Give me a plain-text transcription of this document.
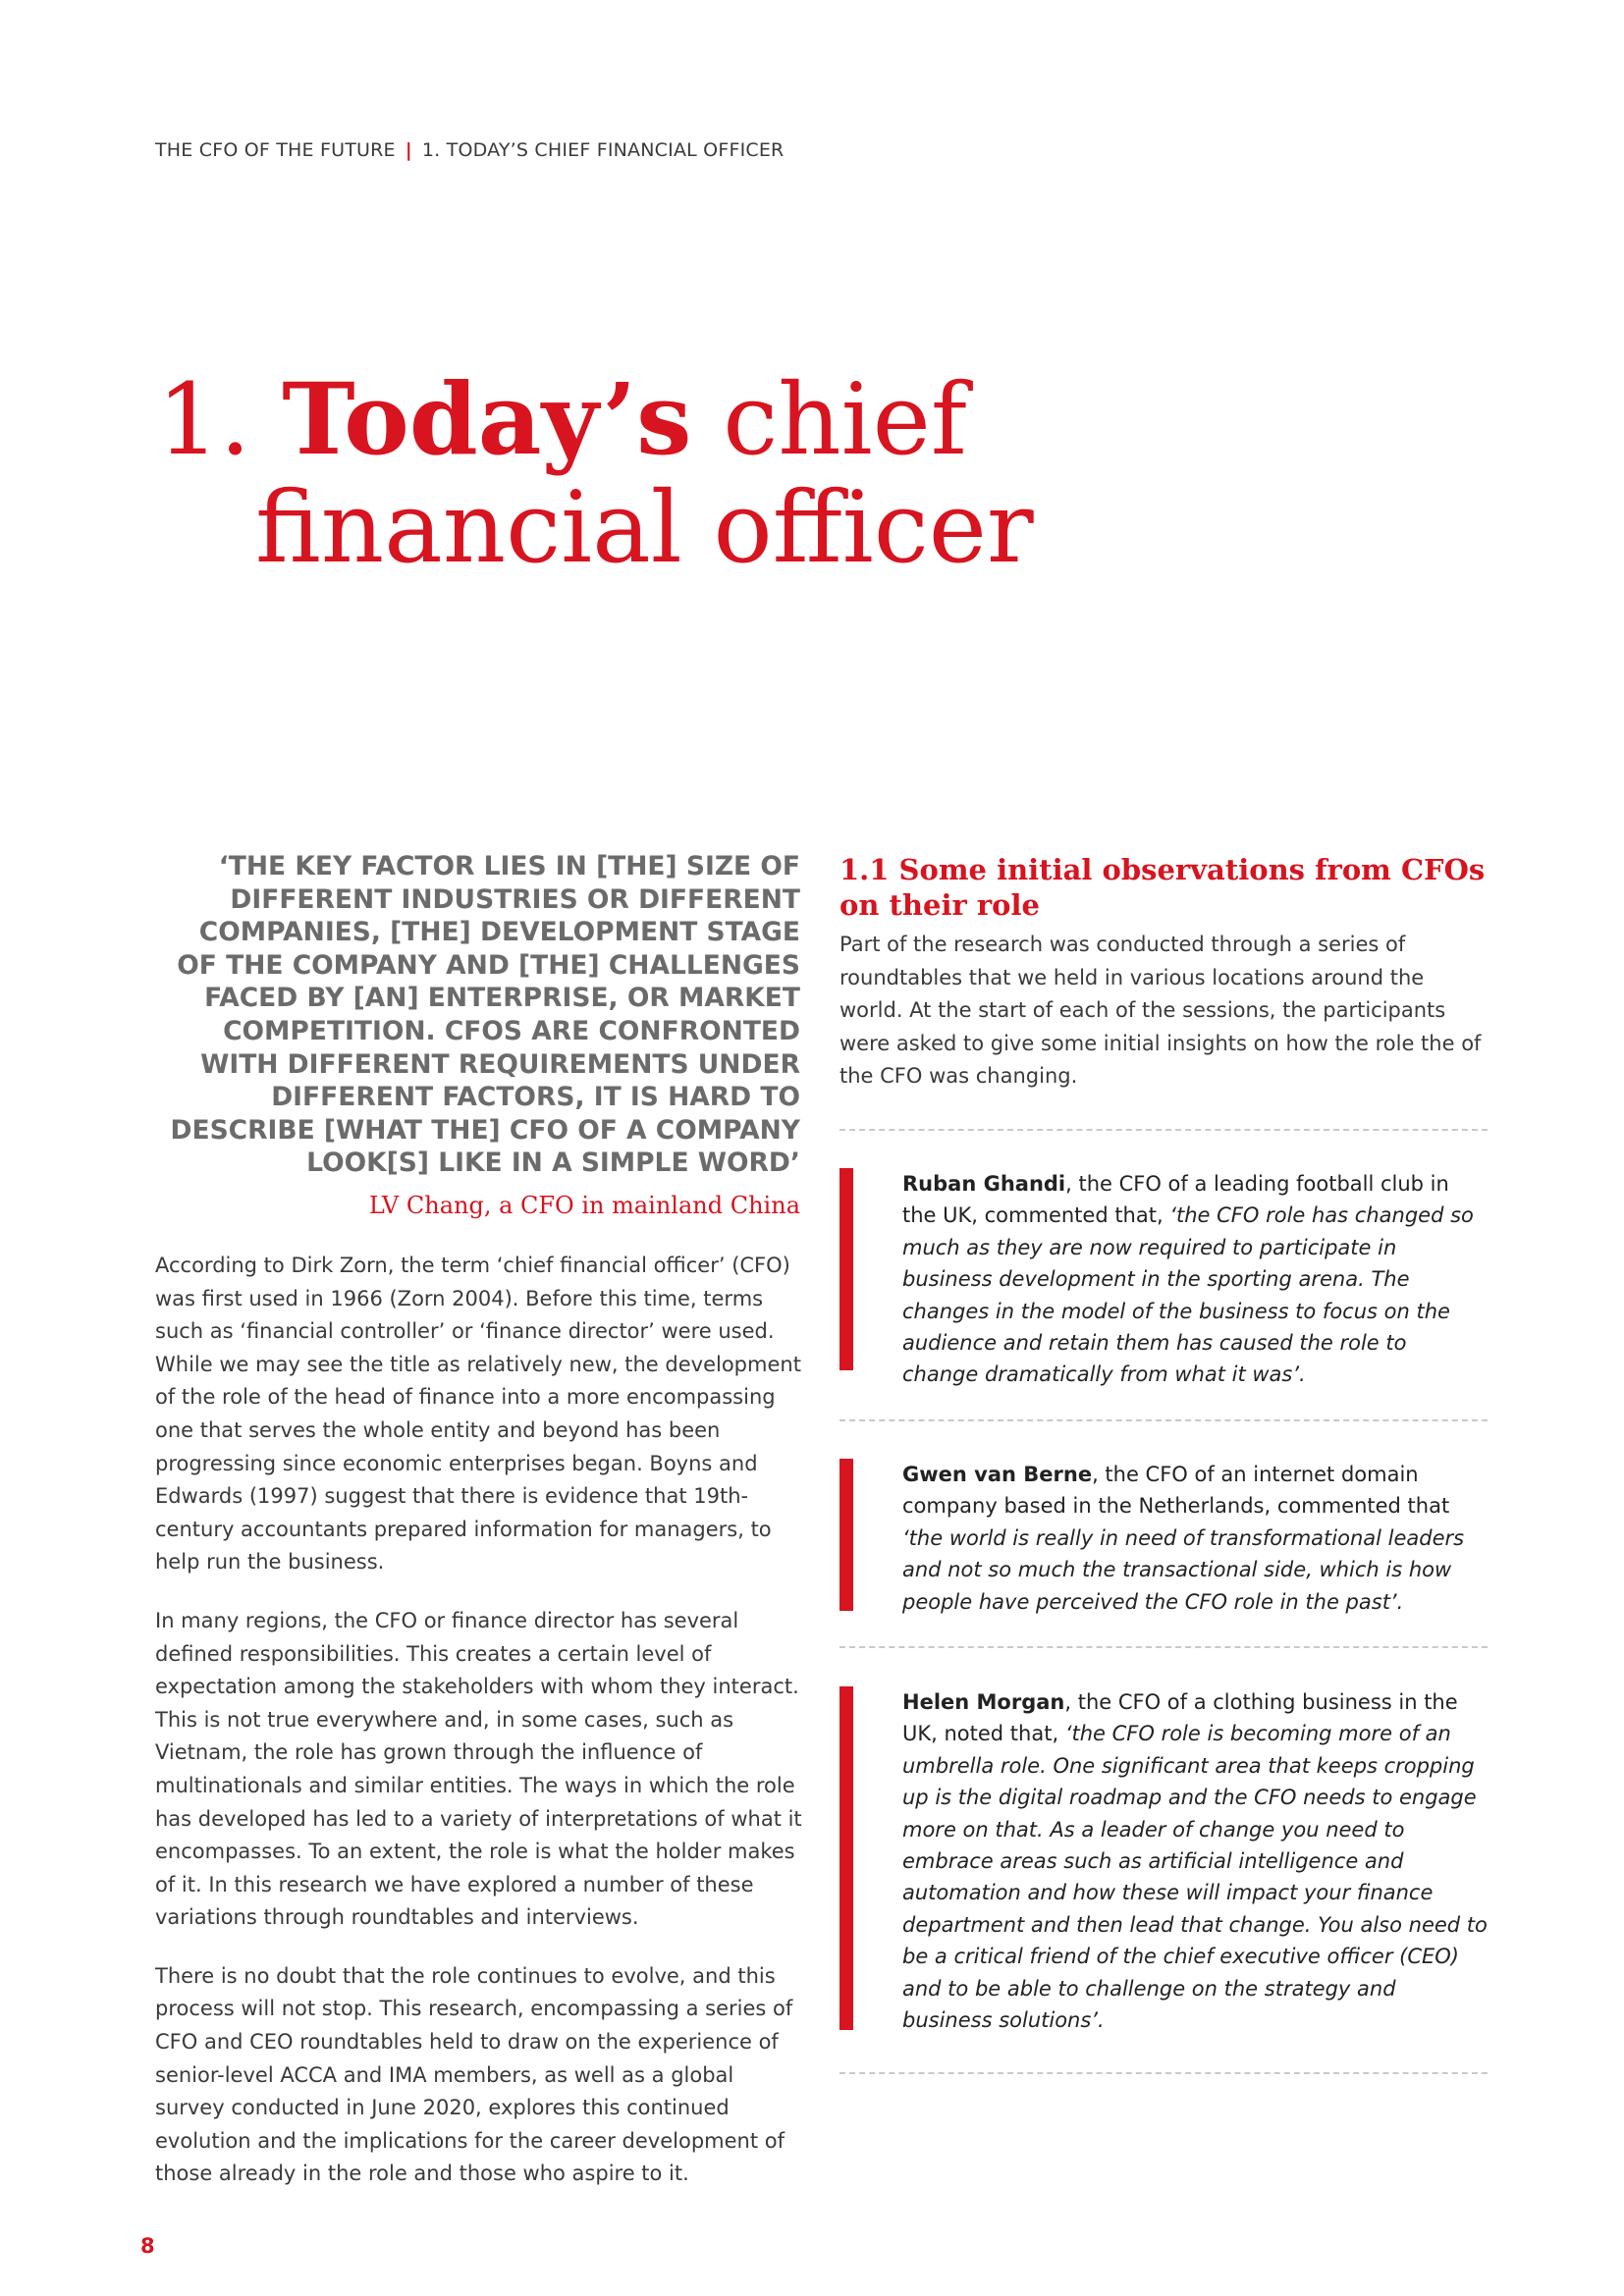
THE CFO OF THE FUTURE | 1. TODAY’S CHIEF FINANCIAL OFFICER
1. Today’s chief
financial officer

‘THE KEY FACTOR LIES IN [THE] SIZE OF DIFFERENT INDUSTRIES OR DIFFERENT COMPANIES, [THE] DEVELOPMENT STAGE OF THE COMPANY AND [THE] CHALLENGES FACED BY [AN] ENTERPRISE, OR MARKET COMPETITION. CFOS ARE CONFRONTED WITH DIFFERENT REQUIREMENTS UNDER DIFFERENT FACTORS, IT IS HARD TO DESCRIBE [WHAT THE] CFO OF A COMPANY LOOK[S] LIKE IN A SIMPLE WORD’

LV Chang, a CFO in mainland China

According to Dirk Zorn, the term ‘chief financial officer’ (CFO) was first used in 1966 (Zorn 2004). Before this time, terms such as ‘financial controller’ or ‘finance director’ were used. While we may see the title as relatively new, the development of the role of the head of finance into a more encompassing one that serves the whole entity and beyond has been progressing since economic enterprises began. Boyns and Edwards (1997) suggest that there is evidence that 19th-century accountants prepared information for managers, to help run the business.

In many regions, the CFO or finance director has several defined responsibilities. This creates a certain level of expectation among the stakeholders with whom they interact. This is not true everywhere and, in some cases, such as Vietnam, the role has grown through the influence of multinationals and similar entities. The ways in which the role has developed has led to a variety of interpretations of what it encompasses. To an extent, the role is what the holder makes of it. In this research we have explored a number of these variations through roundtables and interviews.

There is no doubt that the role continues to evolve, and this process will not stop. This research, encompassing a series of CFO and CEO roundtables held to draw on the experience of senior-level ACCA and IMA members, as well as a global survey conducted in June 2020, explores this continued evolution and the implications for the career development of those already in the role and those who aspire to it.

1.1 Some initial observations from CFOs on their role

Part of the research was conducted through a series of roundtables that we held in various locations around the world. At the start of each of the sessions, the participants were asked to give some initial insights on how the role the of the CFO was changing.

Ruban Ghandi, the CFO of a leading football club in the UK, commented that, ‘the CFO role has changed so much as they are now required to participate in business development in the sporting arena. The changes in the model of the business to focus on the audience and retain them has caused the role to change dramatically from what it was’.
Gwen van Berne, the CFO of an internet domain company based in the Netherlands, commented that ‘the world is really in need of transformational leaders and not so much the transactional side, which is how people have perceived the CFO role in the past’.
Helen Morgan, the CFO of a clothing business in the UK, noted that, ‘the CFO role is becoming more of an umbrella role. One significant area that keeps cropping up is the digital roadmap and the CFO needs to engage more on that. As a leader of change you need to embrace areas such as artificial intelligence and automation and how these will impact your finance department and then lead that change. You also need to be a critical friend of the chief executive officer (CEO) and to be able to challenge on the strategy and business solutions’.
8
